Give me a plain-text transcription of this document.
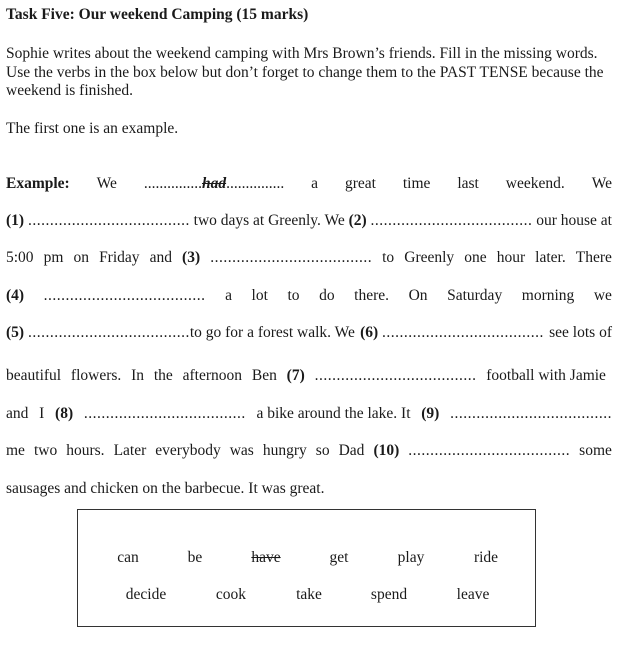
Task Five: Our weekend Camping (15 marks)
Sophie writes about the weekend camping with Mrs Brown’s friends. Fill in the missing words. Use the verbs in the box below but don’t forget to change them to the PAST TENSE because the weekend is finished.
The first one is an example.
Example: We ...............had............... a great time last weekend. We
(1) ..................................... two days at Greenly. We (2) ..................................... our house at
5:00 pm on Friday and (3) ..................................... to Greenly one hour later. There
(4) ..................................... a lot to do there. On Saturday morning we
(5) .....................................to go for a forest walk. We (6) ..................................... see lots of
beautiful flowers. In the afternoon Ben (7) ..................................... football with Jamie
and I (8) ..................................... a bike around the lake. It (9) .....................................
me two hours. Later everybody was hungry so Dad (10) ..................................... some
sausages and chicken on the barbecue. It was great.
can	be	have	get	play	ride
decide	cook	take	spend	leave
